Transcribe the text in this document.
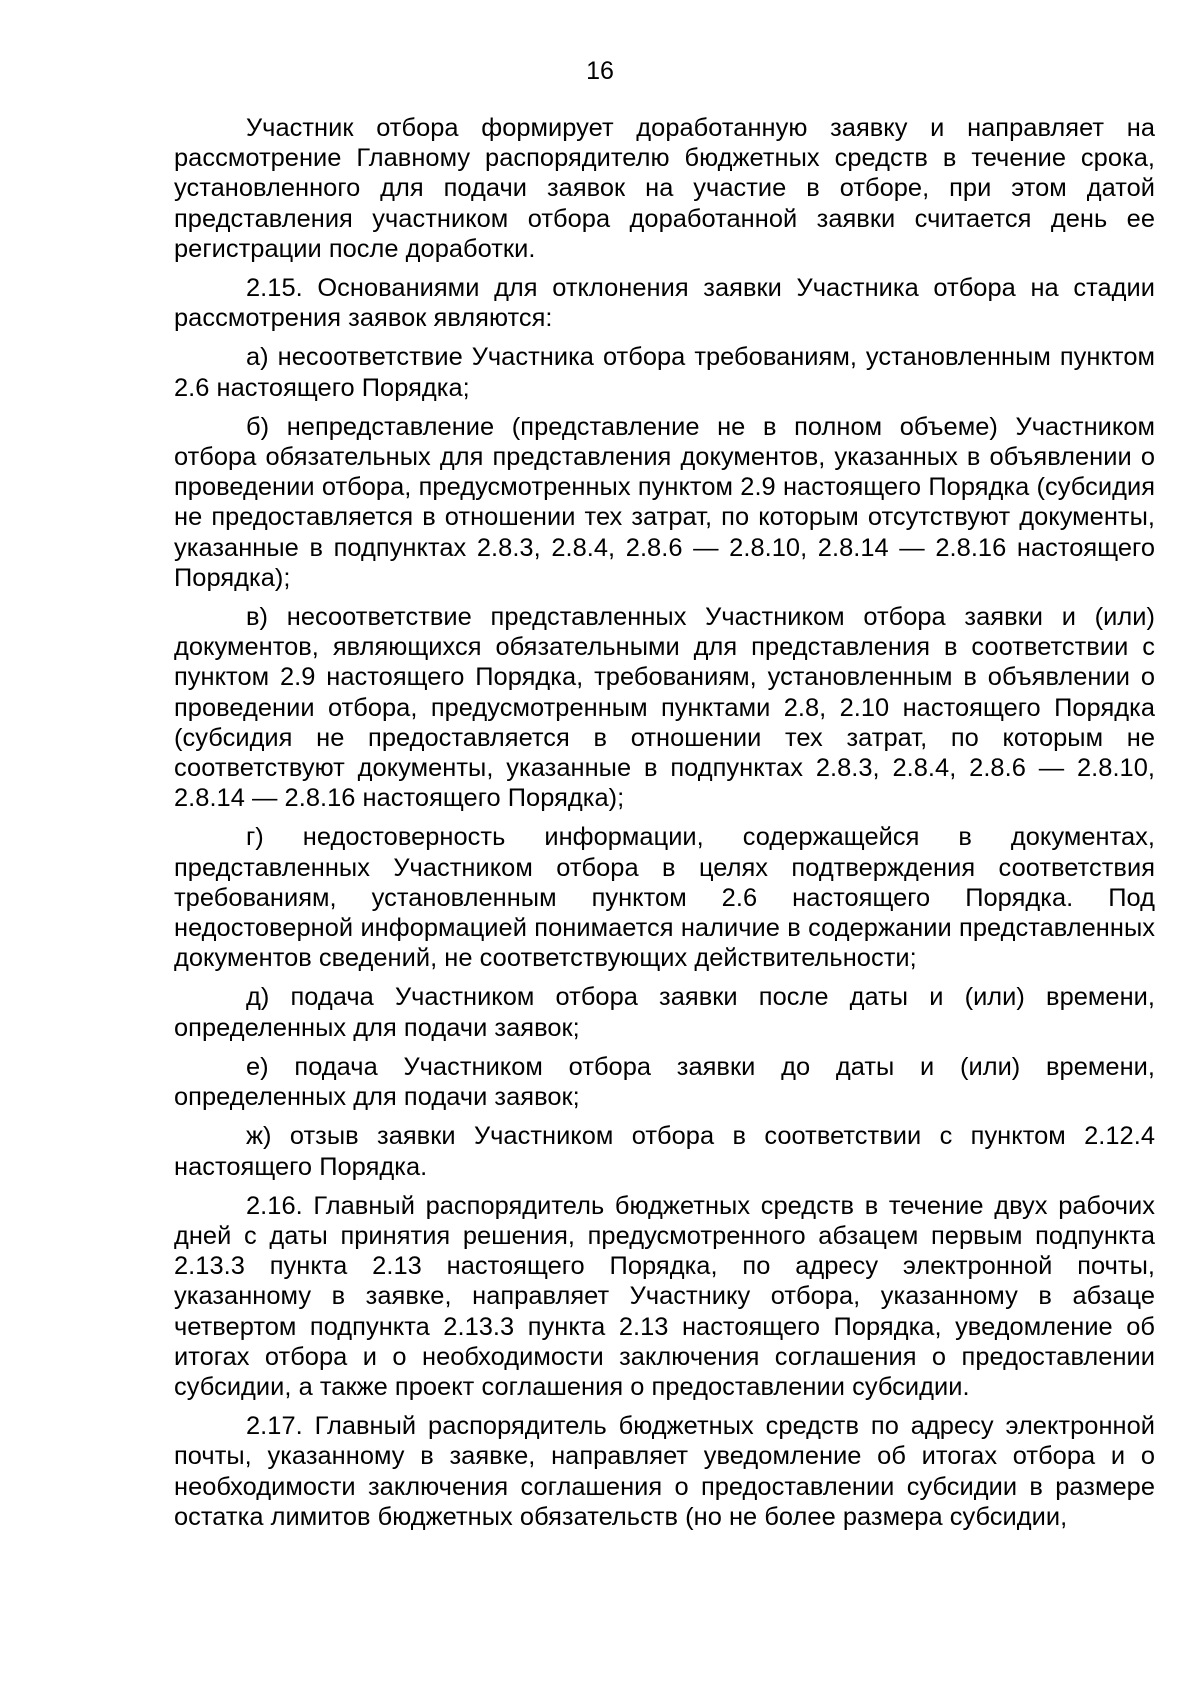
16

Участник отбора формирует доработанную заявку и направляет на рассмотрение Главному распорядителю бюджетных средств в течение срока, установленного для подачи заявок на участие в отборе, при этом датой представления участником отбора доработанной заявки считается день ее регистрации после доработки.

2.15. Основаниями для отклонения заявки Участника отбора на стадии рассмотрения заявок являются:

а) несоответствие Участника отбора требованиям, установленным пунктом 2.6 настоящего Порядка;

б) непредставление (представление не в полном объеме) Участником отбора обязательных для представления документов, указанных в объявлении о проведении отбора, предусмотренных пунктом 2.9 настоящего Порядка (субсидия не предоставляется в отношении тех затрат, по которым отсутствуют документы, указанные в подпунктах 2.8.3, 2.8.4, 2.8.6 — 2.8.10, 2.8.14 — 2.8.16 настоящего Порядка);

в) несоответствие представленных Участником отбора заявки и (или) документов, являющихся обязательными для представления в соответствии с пунктом 2.9 настоящего Порядка, требованиям, установленным в объявлении о проведении отбора, предусмотренным пунктами 2.8, 2.10 настоящего Порядка (субсидия не предоставляется в отношении тех затрат, по которым не соответствуют документы, указанные в подпунктах 2.8.3, 2.8.4, 2.8.6 — 2.8.10, 2.8.14 — 2.8.16 настоящего Порядка);

г) недостоверность информации, содержащейся в документах, представленных Участником отбора в целях подтверждения соответствия требованиям, установленным пунктом 2.6 настоящего Порядка. Под недостоверной информацией понимается наличие в содержании представленных документов сведений, не соответствующих действительности;

д) подача Участником отбора заявки после даты и (или) времени, определенных для подачи заявок;

е) подача Участником отбора заявки до даты и (или) времени, определенных для подачи заявок;

ж) отзыв заявки Участником отбора в соответствии с пунктом 2.12.4 настоящего Порядка.

2.16. Главный распорядитель бюджетных средств в течение двух рабочих дней с даты принятия решения, предусмотренного абзацем первым подпункта 2.13.3 пункта 2.13 настоящего Порядка, по адресу электронной почты, указанному в заявке, направляет Участнику отбора, указанному в абзаце четвертом подпункта 2.13.3 пункта 2.13 настоящего Порядка, уведомление об итогах отбора и о необходимости заключения соглашения о предоставлении субсидии, а также проект соглашения о предоставлении субсидии.

2.17. Главный распорядитель бюджетных средств по адресу электронной почты, указанному в заявке, направляет уведомление об итогах отбора и о необходимости заключения соглашения о предоставлении субсидии в размере остатка лимитов бюджетных обязательств (но не более размера субсидии,
